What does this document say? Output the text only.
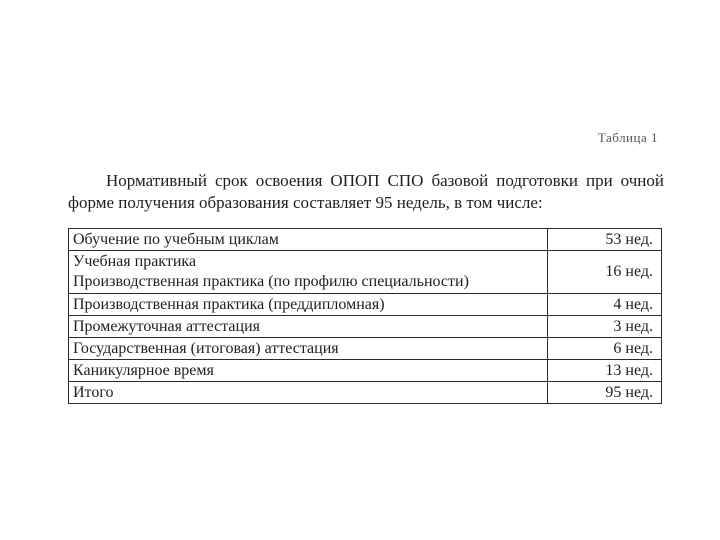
Таблица 1

Нормативный срок освоения ОПОП СПО базовой подготовки при очной форме получения образования составляет 95 недель, в том числе:

Обучение по учебным циклам	53 нед.

Учебная практика
Производственная практика (по профилю специальности)	16 нед.
Производственная практика (преддипломная)	4 нед.
Промежуточная аттестация	3 нед.
Государственная (итоговая) аттестация	6 нед.
Каникулярное время	13 нед.
Итого	95 нед.
